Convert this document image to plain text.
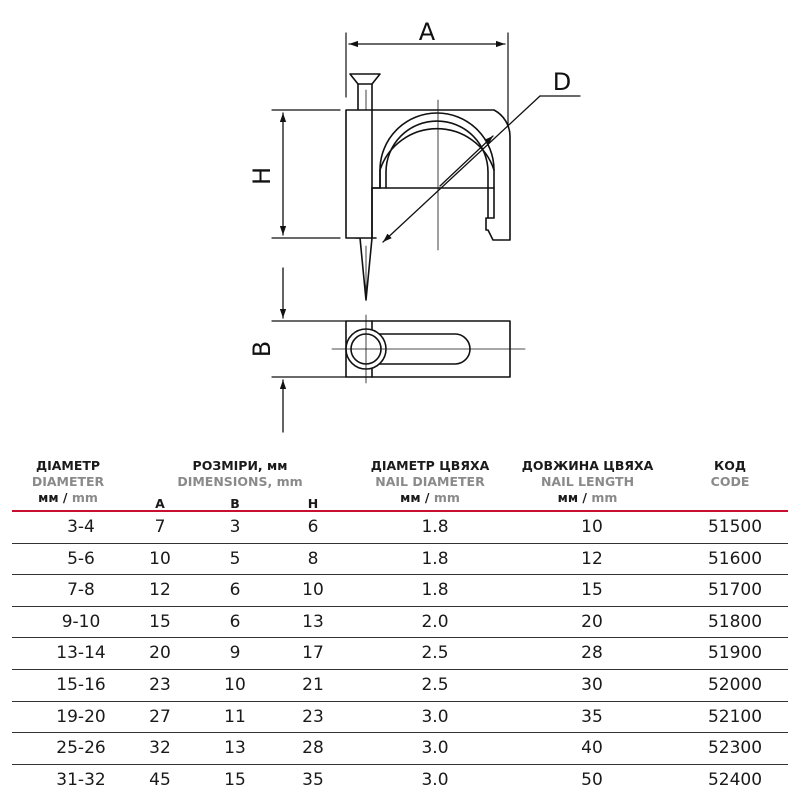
A
D
H
B
ДІАМЕТР
DIAMETER
мм / mm
РОЗМІРИ, мм
DIMENSIONS, mm
A	B	H
ДІАМЕТР ЦВЯХА
NAIL DIAMETER
мм / mm
ДОВЖИНА ЦВЯХА
NAIL LENGTH
мм / mm
КОД
CODE
3-4	7	3	6	1.8	10	51500
5-6	10	5	8	1.8	12	51600
7-8	12	6	10	1.8	15	51700
9-10	15	6	13	2.0	20	51800
13-14	20	9	17	2.5	28	51900
15-16	23	10	21	2.5	30	52000
19-20	27	11	23	3.0	35	52100
25-26	32	13	28	3.0	40	52300
31-32	45	15	35	3.0	50	52400
